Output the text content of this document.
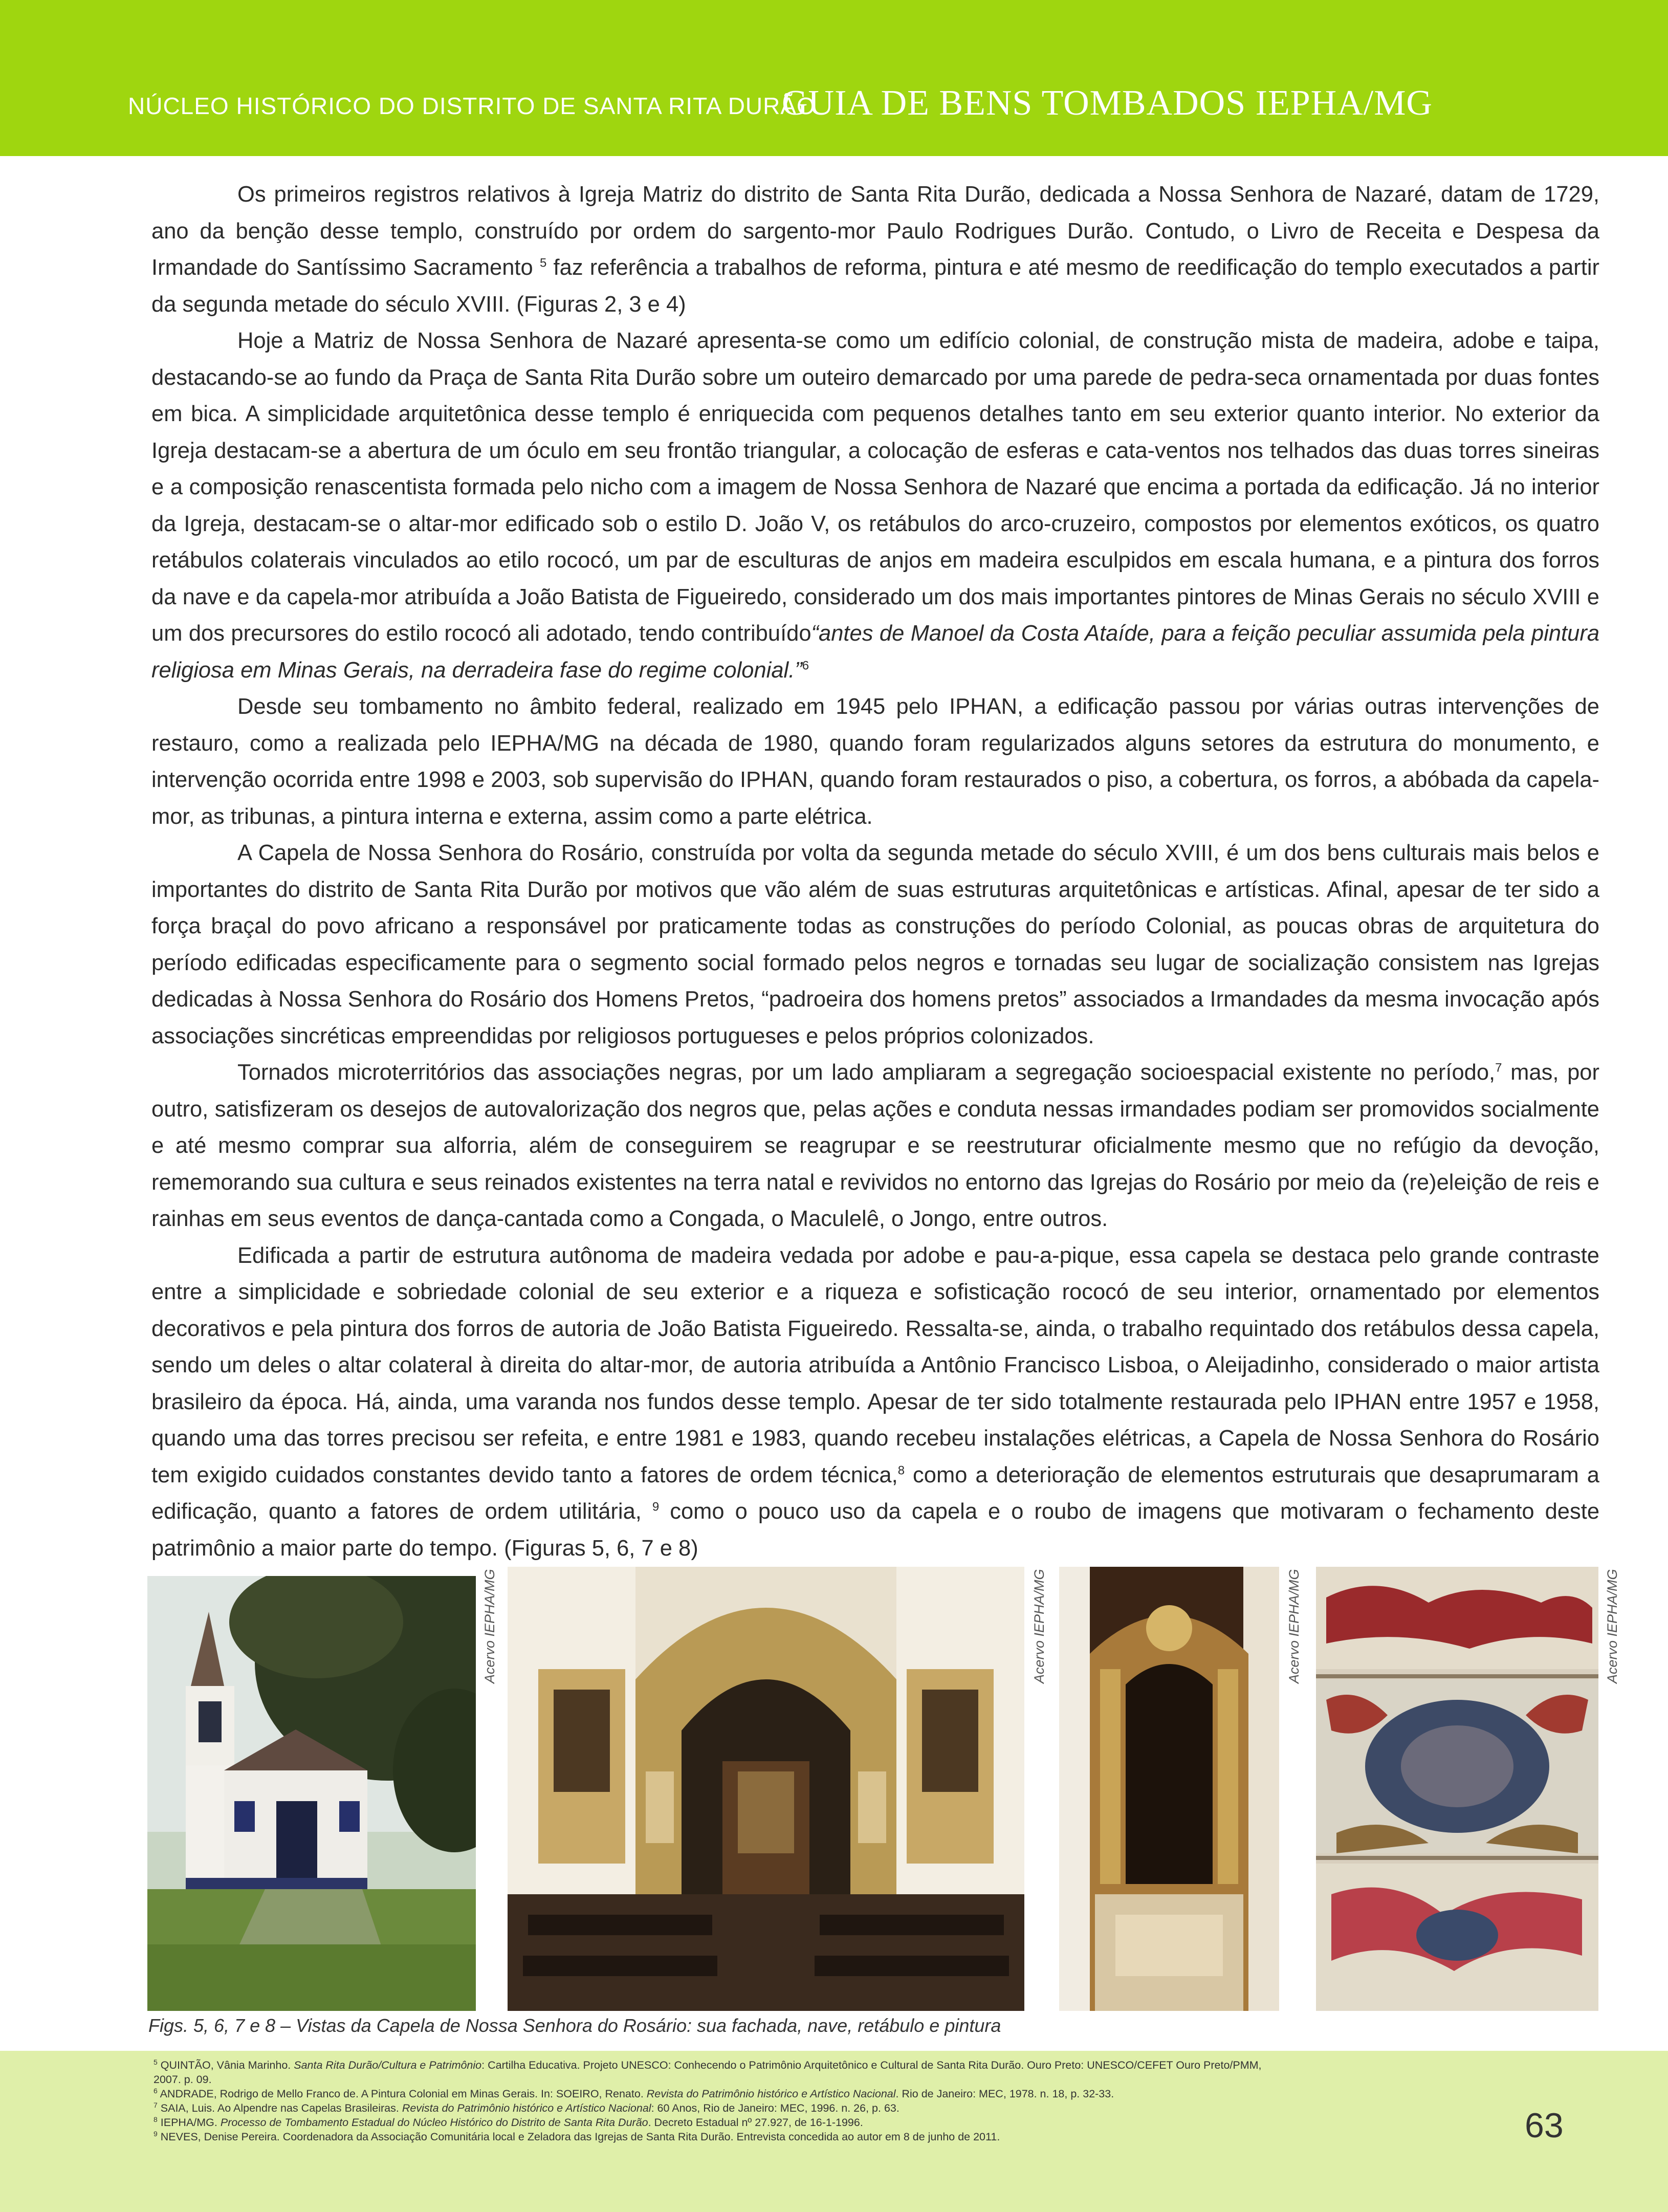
NÚCLEO HISTÓRICO DO DISTRITO DE SANTA RITA DURÃO
GUIA DE BENS TOMBADOS IEPHA/MG

Os primeiros registros relativos à Igreja Matriz do distrito de Santa Rita Durão, dedicada a Nossa Senhora de Nazaré, datam de 1729, ano da benção desse templo, construído por ordem do sargento-mor Paulo Rodrigues Durão. Contudo, o Livro de Receita e Despesa da Irmandade do Santíssimo Sacramento $^5$ faz referência a trabalhos de reforma, pintura e até mesmo de reedificação do templo executados a partir da segunda metade do século XVIII. (Figuras 2, 3 e 4)

Hoje a Matriz de Nossa Senhora de Nazaré apresenta-se como um edifício colonial, de construção mista de madeira, adobe e taipa, destacando-se ao fundo da Praça de Santa Rita Durão sobre um outeiro demarcado por uma parede de pedra-seca ornamentada por duas fontes em bica. A simplicidade arquitetônica desse templo é enriquecida com pequenos detalhes tanto em seu exterior quanto interior. No exterior da Igreja destacam-se a abertura de um óculo em seu frontão triangular, a colocação de esferas e cata-ventos nos telhados das duas torres sineiras e a composição renascentista formada pelo nicho com a imagem de Nossa Senhora de Nazaré que encima a portada da edificação. Já no interior da Igreja, destacam-se o altar-mor edificado sob o estilo D. João V, os retábulos do arco-cruzeiro, compostos por elementos exóticos, os quatro retábulos colaterais vinculados ao etilo rococó, um par de esculturas de anjos em madeira esculpidos em escala humana, e a pintura dos forros da nave e da capela-mor atribuída a João Batista de Figueiredo, considerado um dos mais importantes pintores de Minas Gerais no século XVIII e um dos precursores do estilo rococó ali adotado, tendo contribuído“antes de Manoel da Costa Ataíde, para a feição peculiar assumida pela pintura religiosa em Minas Gerais, na derradeira fase do regime colonial.”$^6$

Desde seu tombamento no âmbito federal, realizado em 1945 pelo IPHAN, a edificação passou por várias outras intervenções de restauro, como a realizada pelo IEPHA/MG na década de 1980, quando foram regularizados alguns setores da estrutura do monumento, e intervenção ocorrida entre 1998 e 2003, sob supervisão do IPHAN, quando foram restaurados o piso, a cobertura, os forros, a abóbada da capela-mor, as tribunas, a pintura interna e externa, assim como a parte elétrica.

A Capela de Nossa Senhora do Rosário, construída por volta da segunda metade do século XVIII, é um dos bens culturais mais belos e importantes do distrito de Santa Rita Durão por motivos que vão além de suas estruturas arquitetônicas e artísticas. Afinal, apesar de ter sido a força braçal do povo africano a responsável por praticamente todas as construções do período Colonial, as poucas obras de arquitetura do período edificadas especificamente para o segmento social formado pelos negros e tornadas seu lugar de socialização consistem nas Igrejas dedicadas à Nossa Senhora do Rosário dos Homens Pretos, “padroeira dos homens pretos” associados a Irmandades da mesma invocação após associações sincréticas empreendidas por religiosos portugueses e pelos próprios colonizados.

Tornados microterritórios das associações negras, por um lado ampliaram a segregação socioespacial existente no período,$^7$ mas, por outro, satisfizeram os desejos de autovalorização dos negros que, pelas ações e conduta nessas irmandades podiam ser promovidos socialmente e até mesmo comprar sua alforria, além de conseguirem se reagrupar e se reestruturar oficialmente mesmo que no refúgio da devoção, rememorando sua cultura e seus reinados existentes na terra natal e revividos no entorno das Igrejas do Rosário por meio da (re)eleição de reis e rainhas em seus eventos de dança-cantada como a Congada, o Maculelê, o Jongo, entre outros.

Edificada a partir de estrutura autônoma de madeira vedada por adobe e pau-a-pique, essa capela se destaca pelo grande contraste entre a simplicidade e sobriedade colonial de seu exterior e a riqueza e sofisticação rococó de seu interior, ornamentado por elementos decorativos e pela pintura dos forros de autoria de João Batista Figueiredo. Ressalta-se, ainda, o trabalho requintado dos retábulos dessa capela, sendo um deles o altar colateral à direita do altar-mor, de autoria atribuída a Antônio Francisco Lisboa, o Aleijadinho, considerado o maior artista brasileiro da época. Há, ainda, uma varanda nos fundos desse templo. Apesar de ter sido totalmente restaurada pelo IPHAN entre 1957 e 1958, quando uma das torres precisou ser refeita, e entre 1981 e 1983, quando recebeu instalações elétricas, a Capela de Nossa Senhora do Rosário tem exigido cuidados constantes devido tanto a fatores de ordem técnica,$^8$ como a deterioração de elementos estruturais que desaprumaram a edificação, quanto a fatores de ordem utilitária, $^9$ como o pouco uso da capela e o roubo de imagens que motivaram o fechamento deste patrimônio a maior parte do tempo. (Figuras 5, 6, 7 e 8)

Acervo IEPHA/MG	Acervo IEPHA/MG	Acervo IEPHA/MG	Acervo IEPHA/MG
Figs. 5, 6, 7 e 8 – Vistas da Capela de Nossa Senhora do Rosário: sua fachada, nave, retábulo e pintura
$^5$ QUINTÃO, Vânia Marinho. Santa Rita Durão/Cultura e Patrimônio: Cartilha Educativa. Projeto UNESCO: Conhecendo o Patrimônio Arquitetônico e Cultural de Santa Rita Durão. Ouro Preto: UNESCO/CEFET Ouro Preto/PMM,
2007. p. 09.
$^6$ ANDRADE, Rodrigo de Mello Franco de. A Pintura Colonial em Minas Gerais. In: SOEIRO, Renato. Revista do Patrimônio histórico e Artístico Nacional. Rio de Janeiro: MEC, 1978. n. 18, p. 32-33.
$^7$ SAIA, Luis. Ao Alpendre nas Capelas Brasileiras. Revista do Patrimônio histórico e Artístico Nacional: 60 Anos, Rio de Janeiro: MEC, 1996. n. 26, p. 63.
$^8$ IEPHA/MG. Processo de Tombamento Estadual do Núcleo Histórico do Distrito de Santa Rita Durão. Decreto Estadual nº 27.927, de 16-1-1996.
$^9$ NEVES, Denise Pereira. Coordenadora da Associação Comunitária local e Zeladora das Igrejas de Santa Rita Durão. Entrevista concedida ao autor em 8 de junho de 2011.	63
